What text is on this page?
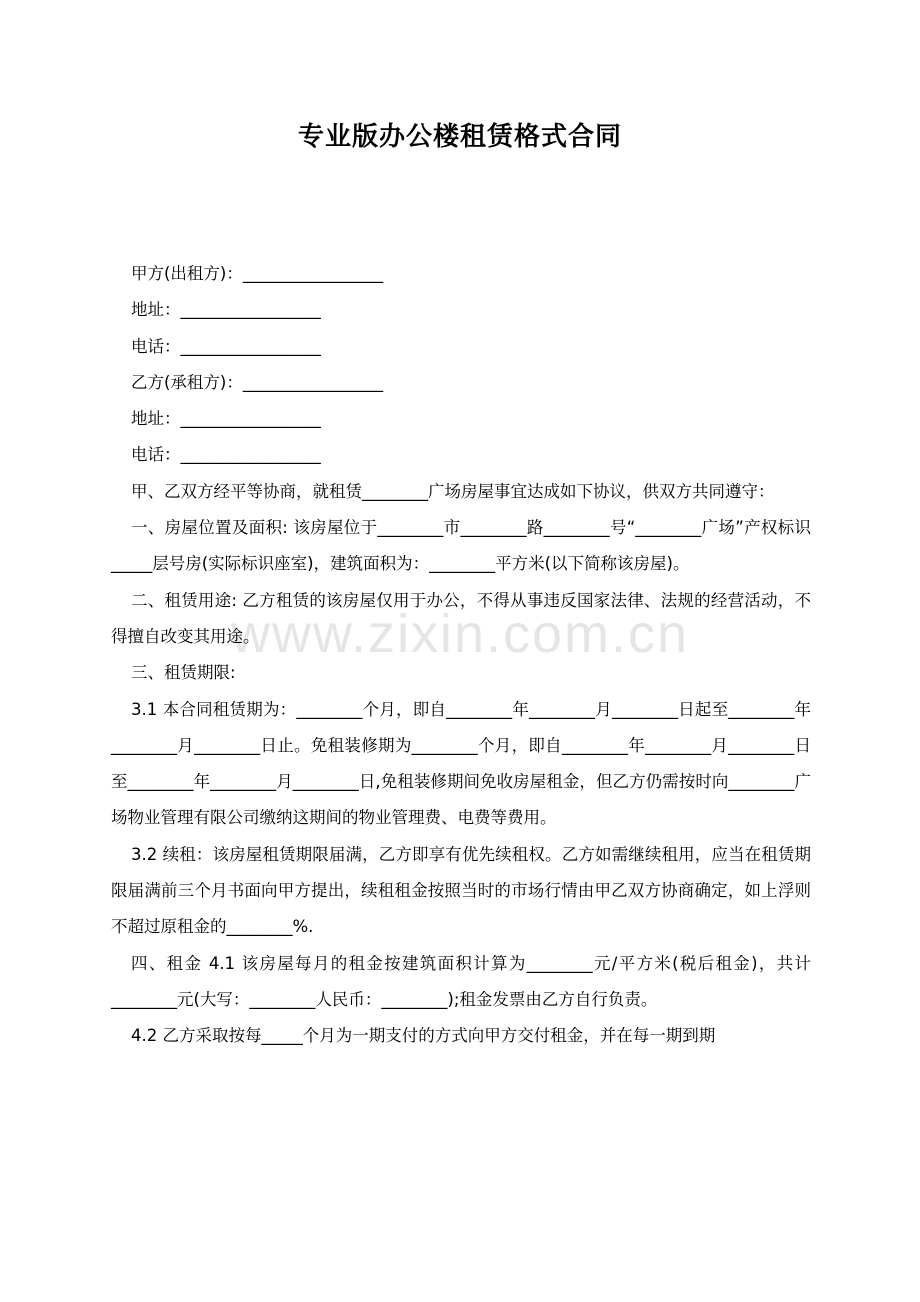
专业版办公楼租赁格式合同
www.zixin.com.cn

甲方(出租方)：_________________

地址：_________________

电话：_________________

乙方(承租方)：_________________

地址：_________________

电话：_________________

甲、乙双方经平等协商，就租赁________广场房屋事宜达成如下协议，供双方共同遵守：

一、房屋位置及面积: 该房屋位于________市________路________号“________广场”产权标识_____层号房(实际标识座室)，建筑面积为：________平方米(以下简称该房屋)。

二、租赁用途: 乙方租赁的该房屋仅用于办公，不得从事违反国家法律、法规的经营活动，不得擅自改变其用途。

三、租赁期限:

3.1 本合同租赁期为：________个月，即自________年________月________日起至________年________月________日止。免租装修期为________个月，即自________年________月________日至________年________月________日,免租装修期间免收房屋租金，但乙方仍需按时向________广场物业管理有限公司缴纳这期间的物业管理费、电费等费用。

3.2 续租：该房屋租赁期限届满，乙方即享有优先续租权。乙方如需继续租用，应当在租赁期限届满前三个月书面向甲方提出，续租租金按照当时的市场行情由甲乙双方协商确定，如上浮则不超过原租金的________%.

四、租金 4.1 该房屋每月的租金按建筑面积计算为________元/平方米(税后租金)，共计________元(大写：________人民币：________);租金发票由乙方自行负责。

4.2 乙方采取按每_____个月为一期支付的方式向甲方交付租金，并在每一期到期
